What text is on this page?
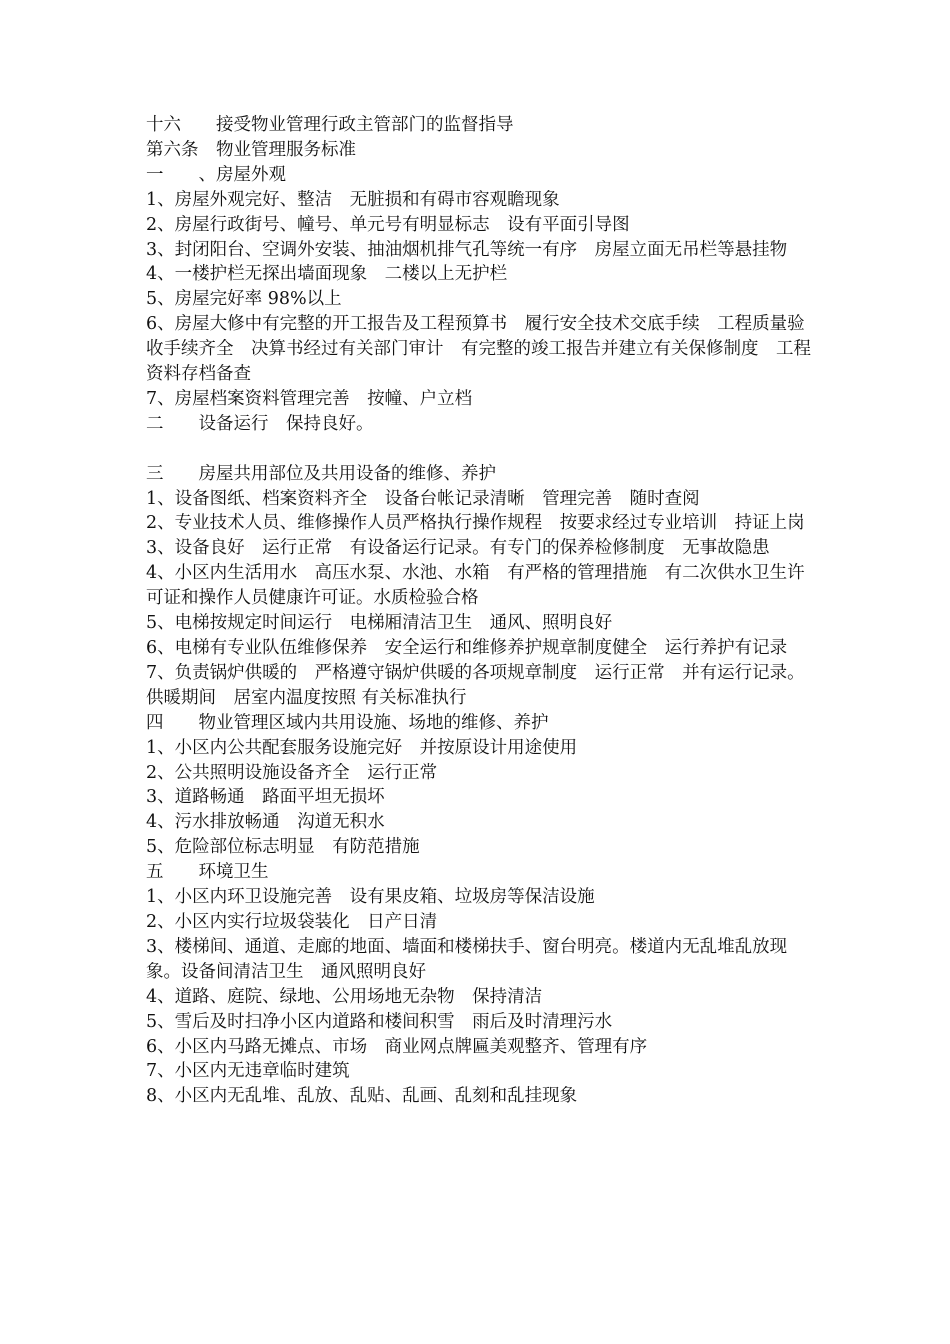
十六　　接受物业管理行政主管部门的监督指导

第六条　物业管理服务标准

一　　、房屋外观

1、房屋外观完好、整洁　无脏损和有碍市容观瞻现象

2、房屋行政街号、幢号、单元号有明显标志　设有平面引导图

3、封闭阳台、空调外安装、抽油烟机排气孔等统一有序　房屋立面无吊栏等悬挂物

4、一楼护栏无探出墙面现象　二楼以上无护栏

5、房屋完好率 98%以上

6、房屋大修中有完整的开工报告及工程预算书　履行安全技术交底手续　工程质量验收手续齐全　决算书经过有关部门审计　有完整的竣工报告并建立有关保修制度　工程资料存档备查

7、房屋档案资料管理完善　按幢、户立档

二　　设备运行　保持良好。

三　　房屋共用部位及共用设备的维修、养护

1、设备图纸、档案资料齐全　设备台帐记录清晰　管理完善　随时查阅

2、专业技术人员、维修操作人员严格执行操作规程　按要求经过专业培训　持证上岗

3、设备良好　运行正常　有设备运行记录。有专门的保养检修制度　无事故隐患

4、小区内生活用水　高压水泵、水池、水箱　有严格的管理措施　有二次供水卫生许可证和操作人员健康许可证。水质检验合格

5、电梯按规定时间运行　电梯厢清洁卫生　通风、照明良好

6、电梯有专业队伍维修保养　安全运行和维修养护规章制度健全　运行养护有记录

7、负责锅炉供暖的　严格遵守锅炉供暖的各项规章制度　运行正常　并有运行记录。供暖期间　居室内温度按照 有关标准执行

四　　物业管理区域内共用设施、场地的维修、养护

1、小区内公共配套服务设施完好　并按原设计用途使用

2、公共照明设施设备齐全　运行正常

3、道路畅通　路面平坦无损坏

4、污水排放畅通　沟道无积水

5、危险部位标志明显　有防范措施

五　　环境卫生

1、小区内环卫设施完善　设有果皮箱、垃圾房等保洁设施

2、小区内实行垃圾袋装化　日产日清

3、楼梯间、通道、走廊的地面、墙面和楼梯扶手、窗台明亮。楼道内无乱堆乱放现象。设备间清洁卫生　通风照明良好

4、道路、庭院、绿地、公用场地无杂物　保持清洁

5、雪后及时扫净小区内道路和楼间积雪　雨后及时清理污水

6、小区内马路无摊点、市场　商业网点牌匾美观整齐、管理有序

7、小区内无违章临时建筑

8、小区内无乱堆、乱放、乱贴、乱画、乱刻和乱挂现象
